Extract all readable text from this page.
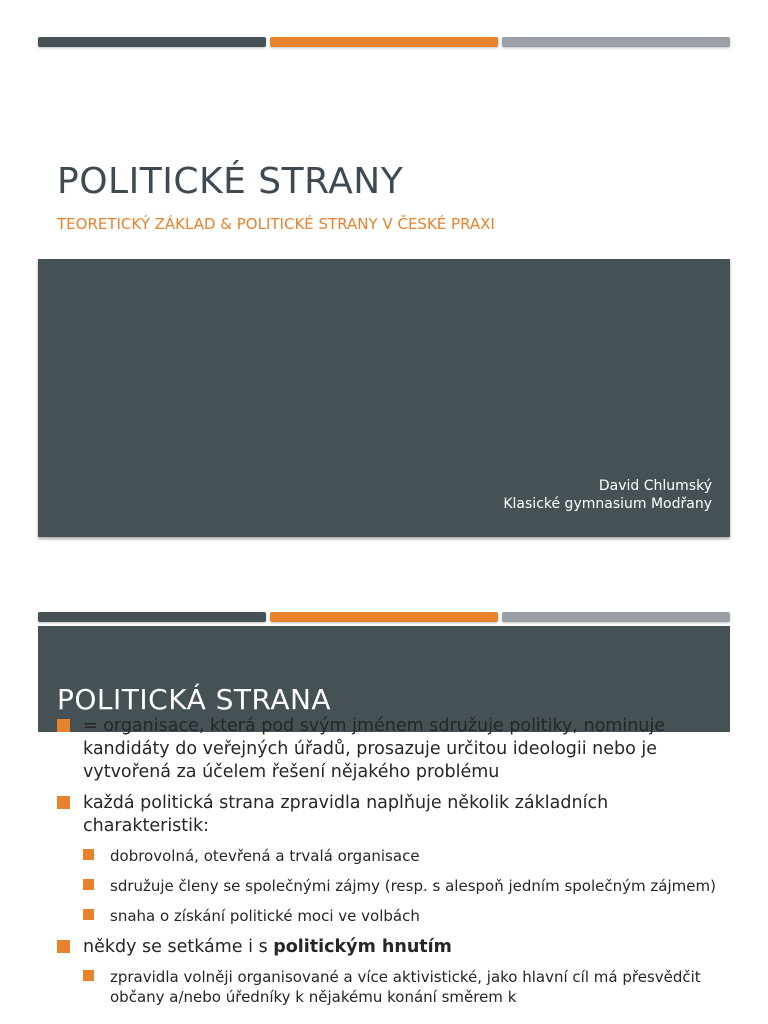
POLITICKÉ STRANY
TEORETICKÝ ZÁKLAD & POLITICKÉ STRANY V ČESKÉ PRAXI
David Chlumský
Klasické gymnasium Modřany
POLITICKÁ STRANA
= organisace, která pod svým jménem sdružuje politiky, nominuje kandidáty do veřejných úřadů, prosazuje určitou ideologii nebo je vytvořená za účelem řešení nějakého problému
každá politická strana zpravidla naplňuje několik základních charakteristik:
dobrovolná, otevřená a trvalá organisace
sdružuje členy se společnými zájmy (resp. s alespoň jedním společným zájmem)
snaha o získání politické moci ve volbách
někdy se setkáme i s politickým hnutím
zpravidla volněji organisované a více aktivistické, jako hlavní cíl má přesvědčit občany a/nebo úředníky k nějakému konání směrem k
